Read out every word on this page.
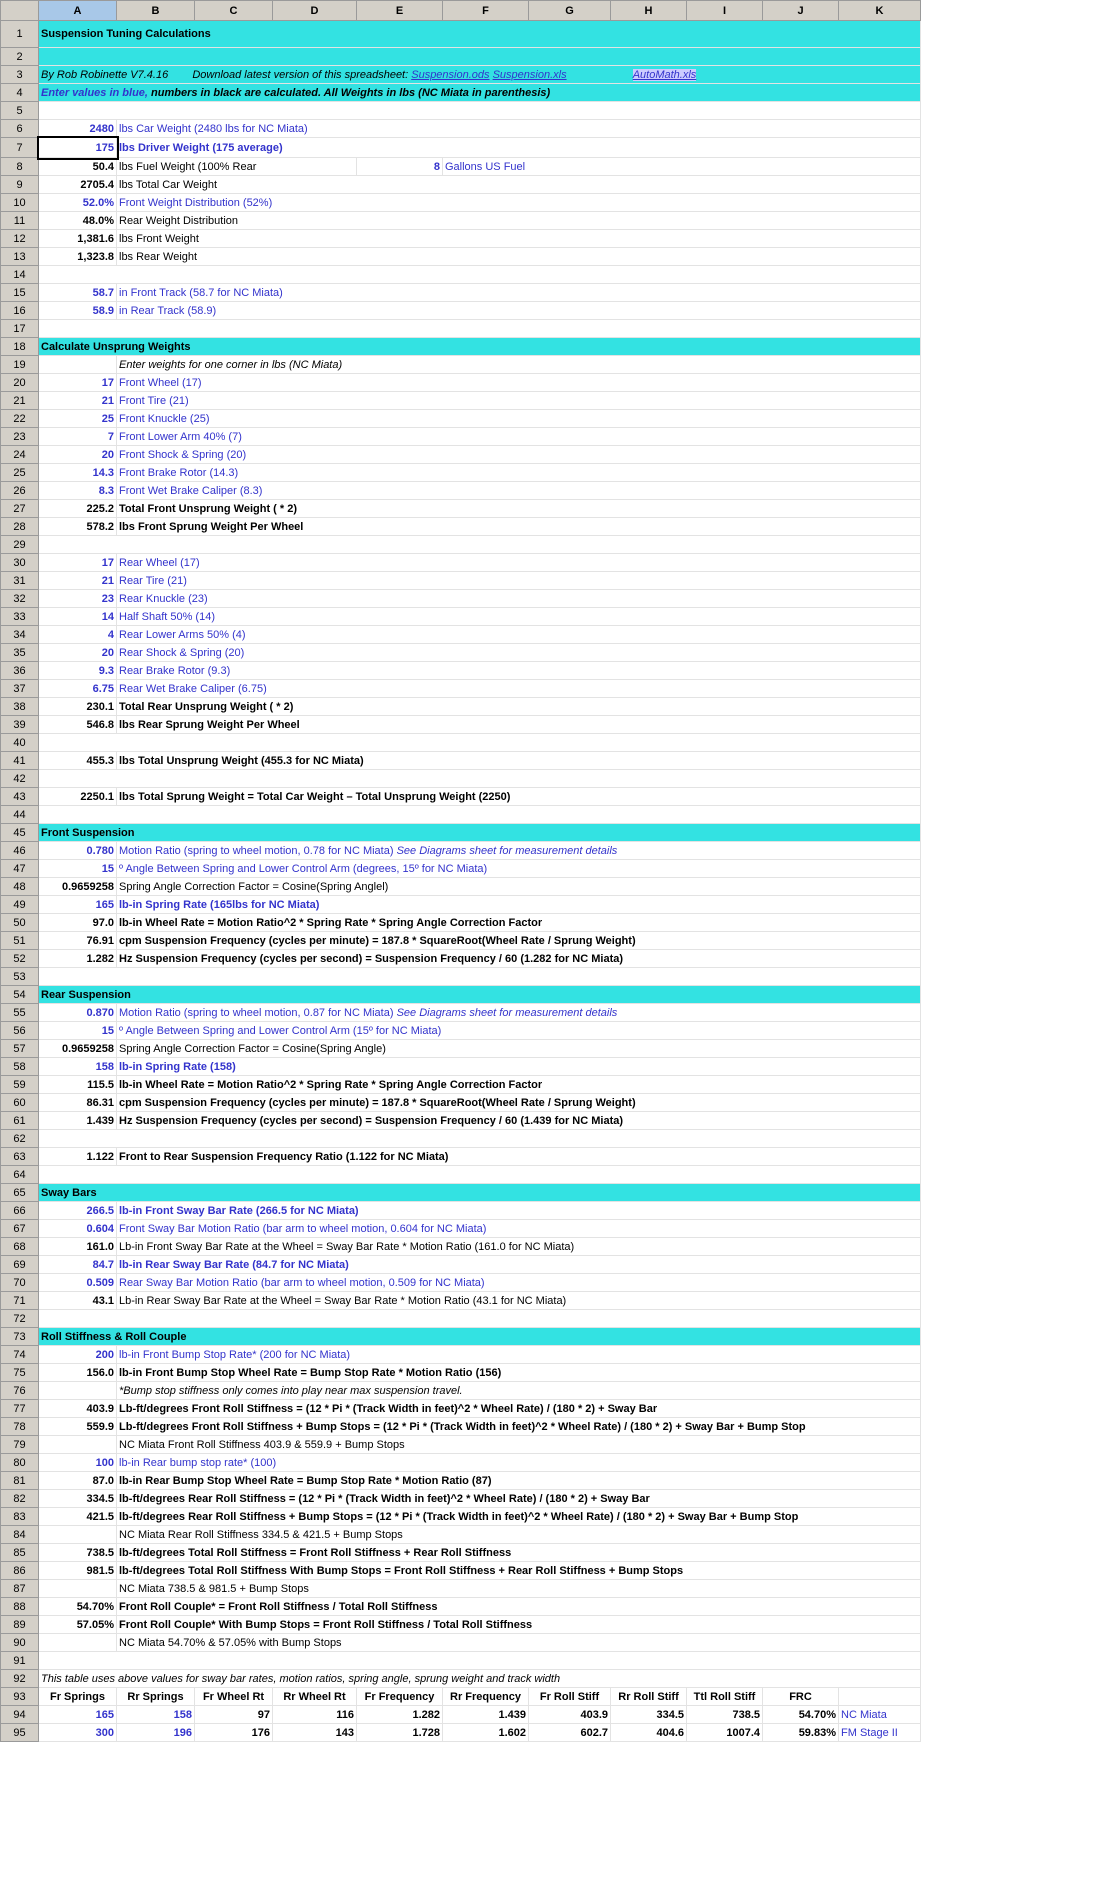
	A	B	C	D	E	F	G	H	I	J	K
1	Suspension Tuning Calculations										
2											
3	By Rob Robinette V7.4.16 Download latest version of this spreadsheet: Suspension.ods Suspension.xls AutoMath.xls										
4	Enter values in blue, numbers in black are calculated. All Weights in lbs (NC Miata in parenthesis)										
5											
6	2480	lbs Car Weight (2480 lbs for NC Miata)									
7	175	lbs Driver Weight (175 average)									
8	50.4	lbs Fuel Weight (100% Rear			8	Gallons US Fuel					
9	2705.4	lbs Total Car Weight									
10	52.0%	Front Weight Distribution (52%)									
11	48.0%	Rear Weight Distribution									
12	1,381.6	lbs Front Weight									
13	1,323.8	lbs Rear Weight									
14											
15	58.7	in Front Track (58.7 for NC Miata)									
16	58.9	in Rear Track (58.9)									
17											
18	Calculate Unsprung Weights										
19		Enter weights for one corner in lbs (NC Miata)									
20	17	Front Wheel (17)									
21	21	Front Tire (21)									
22	25	Front Knuckle (25)									
23	7	Front Lower Arm 40% (7)									
24	20	Front Shock & Spring (20)									
25	14.3	Front Brake Rotor (14.3)									
26	8.3	Front Wet Brake Caliper (8.3)									
27	225.2	Total Front Unsprung Weight ( * 2)									
28	578.2	lbs Front Sprung Weight Per Wheel									
29											
30	17	Rear Wheel (17)									
31	21	Rear Tire (21)									
32	23	Rear Knuckle (23)									
33	14	Half Shaft 50% (14)									
34	4	Rear Lower Arms 50% (4)									
35	20	Rear Shock & Spring (20)									
36	9.3	Rear Brake Rotor (9.3)									
37	6.75	Rear Wet Brake Caliper (6.75)									
38	230.1	Total Rear Unsprung Weight ( * 2)									
39	546.8	lbs Rear Sprung Weight Per Wheel									
40											
41	455.3	lbs Total Unsprung Weight (455.3 for NC Miata)									
42											
43	2250.1	lbs Total Sprung Weight = Total Car Weight – Total Unsprung Weight (2250)									
44											
45	Front Suspension										
46	0.780	Motion Ratio (spring to wheel motion, 0.78 for NC Miata) See Diagrams sheet for measurement details									
47	15	º Angle Between Spring and Lower Control Arm (degrees, 15º for NC Miata)									
48	0.9659258	Spring Angle Correction Factor = Cosine(Spring Anglel)									
49	165	lb-in Spring Rate (165lbs for NC Miata)									
50	97.0	lb-in Wheel Rate = Motion Ratio^2 * Spring Rate * Spring Angle Correction Factor									
51	76.91	cpm Suspension Frequency (cycles per minute) = 187.8 * SquareRoot(Wheel Rate / Sprung Weight)									
52	1.282	Hz Suspension Frequency (cycles per second) = Suspension Frequency / 60 (1.282 for NC Miata)									
53											
54	Rear Suspension										
55	0.870	Motion Ratio (spring to wheel motion, 0.87 for NC Miata) See Diagrams sheet for measurement details									
56	15	º Angle Between Spring and Lower Control Arm (15º for NC Miata)									
57	0.9659258	Spring Angle Correction Factor = Cosine(Spring Angle)									
58	158	lb-in Spring Rate (158)									
59	115.5	lb-in Wheel Rate = Motion Ratio^2 * Spring Rate * Spring Angle Correction Factor									
60	86.31	cpm Suspension Frequency (cycles per minute) = 187.8 * SquareRoot(Wheel Rate / Sprung Weight)									
61	1.439	Hz Suspension Frequency (cycles per second) = Suspension Frequency / 60 (1.439 for NC Miata)									
62											
63	1.122	Front to Rear Suspension Frequency Ratio (1.122 for NC Miata)									
64											
65	Sway Bars										
66	266.5	lb-in Front Sway Bar Rate (266.5 for NC Miata)									
67	0.604	Front Sway Bar Motion Ratio (bar arm to wheel motion, 0.604 for NC Miata)									
68	161.0	Lb-in Front Sway Bar Rate at the Wheel = Sway Bar Rate * Motion Ratio (161.0 for NC Miata)									
69	84.7	lb-in Rear Sway Bar Rate (84.7 for NC Miata)									
70	0.509	Rear Sway Bar Motion Ratio (bar arm to wheel motion, 0.509 for NC Miata)									
71	43.1	Lb-in Rear Sway Bar Rate at the Wheel = Sway Bar Rate * Motion Ratio (43.1 for NC Miata)									
72											
73	Roll Stiffness & Roll Couple										
74	200	lb-in Front Bump Stop Rate* (200 for NC Miata)									
75	156.0	lb-in Front Bump Stop Wheel Rate = Bump Stop Rate * Motion Ratio (156)									
76		*Bump stop stiffness only comes into play near max suspension travel.									
77	403.9	Lb-ft/degrees Front Roll Stiffness = (12 * Pi * (Track Width in feet)^2 * Wheel Rate) / (180 * 2) + Sway Bar									
78	559.9	Lb-ft/degrees Front Roll Stiffness + Bump Stops = (12 * Pi * (Track Width in feet)^2 * Wheel Rate) / (180 * 2) + Sway Bar + Bump Stop									
79		NC Miata Front Roll Stiffness 403.9 & 559.9 + Bump Stops									
80	100	lb-in Rear bump stop rate* (100)									
81	87.0	lb-in Rear Bump Stop Wheel Rate = Bump Stop Rate * Motion Ratio (87)									
82	334.5	lb-ft/degrees Rear Roll Stiffness = (12 * Pi * (Track Width in feet)^2 * Wheel Rate) / (180 * 2) + Sway Bar									
83	421.5	lb-ft/degrees Rear Roll Stiffness + Bump Stops = (12 * Pi * (Track Width in feet)^2 * Wheel Rate) / (180 * 2) + Sway Bar + Bump Stop									
84		NC Miata Rear Roll Stiffness 334.5 & 421.5 + Bump Stops									
85	738.5	lb-ft/degrees Total Roll Stiffness = Front Roll Stiffness + Rear Roll Stiffness									
86	981.5	lb-ft/degrees Total Roll Stiffness With Bump Stops = Front Roll Stiffness + Rear Roll Stiffness + Bump Stops									
87		NC Miata 738.5 & 981.5 + Bump Stops									
88	54.70%	Front Roll Couple* = Front Roll Stiffness / Total Roll Stiffness									
89	57.05%	Front Roll Couple* With Bump Stops = Front Roll Stiffness / Total Roll Stiffness									
90		NC Miata 54.70% & 57.05% with Bump Stops									
91											
92	This table uses above values for sway bar rates, motion ratios, spring angle, sprung weight and track width										
93	Fr Springs	Rr Springs	Fr Wheel Rt	Rr Wheel Rt	Fr Frequency	Rr Frequency	Fr Roll Stiff	Rr Roll Stiff	Ttl Roll Stiff	FRC	
94	165	158	97	116	1.282	1.439	403.9	334.5	738.5	54.70%	NC Miata
95	300	196	176	143	1.728	1.602	602.7	404.6	1007.4	59.83%	FM Stage II
